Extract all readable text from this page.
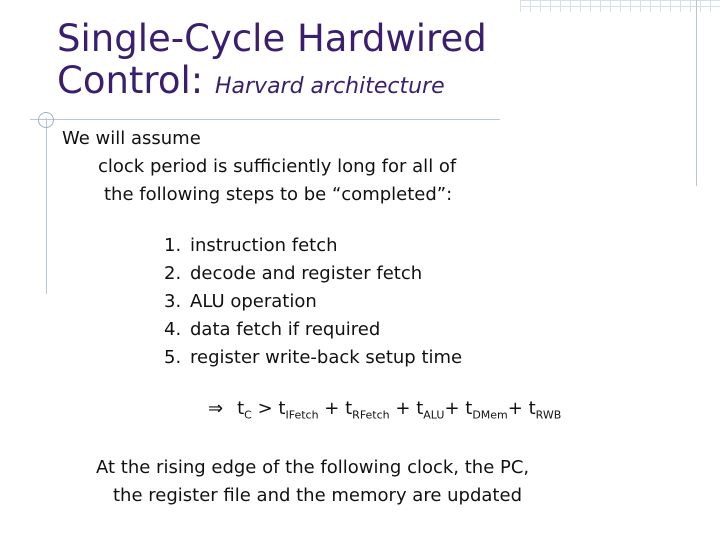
Single-Cycle Hardwired
Control: Harvard architecture
We will assume
clock period is sufficiently long for all of
the following steps to be “completed”:
1. instruction fetch
2. decode and register fetch
3. ALU operation
4. data fetch if required
5. register write-back setup time
⇒ $t_C > t_{IFetch} + t_{RFetch} + t_{ALU}+ t_{DMem}+ t_{RWB}$
At the rising edge of the following clock, the PC,
the register file and the memory are updated
